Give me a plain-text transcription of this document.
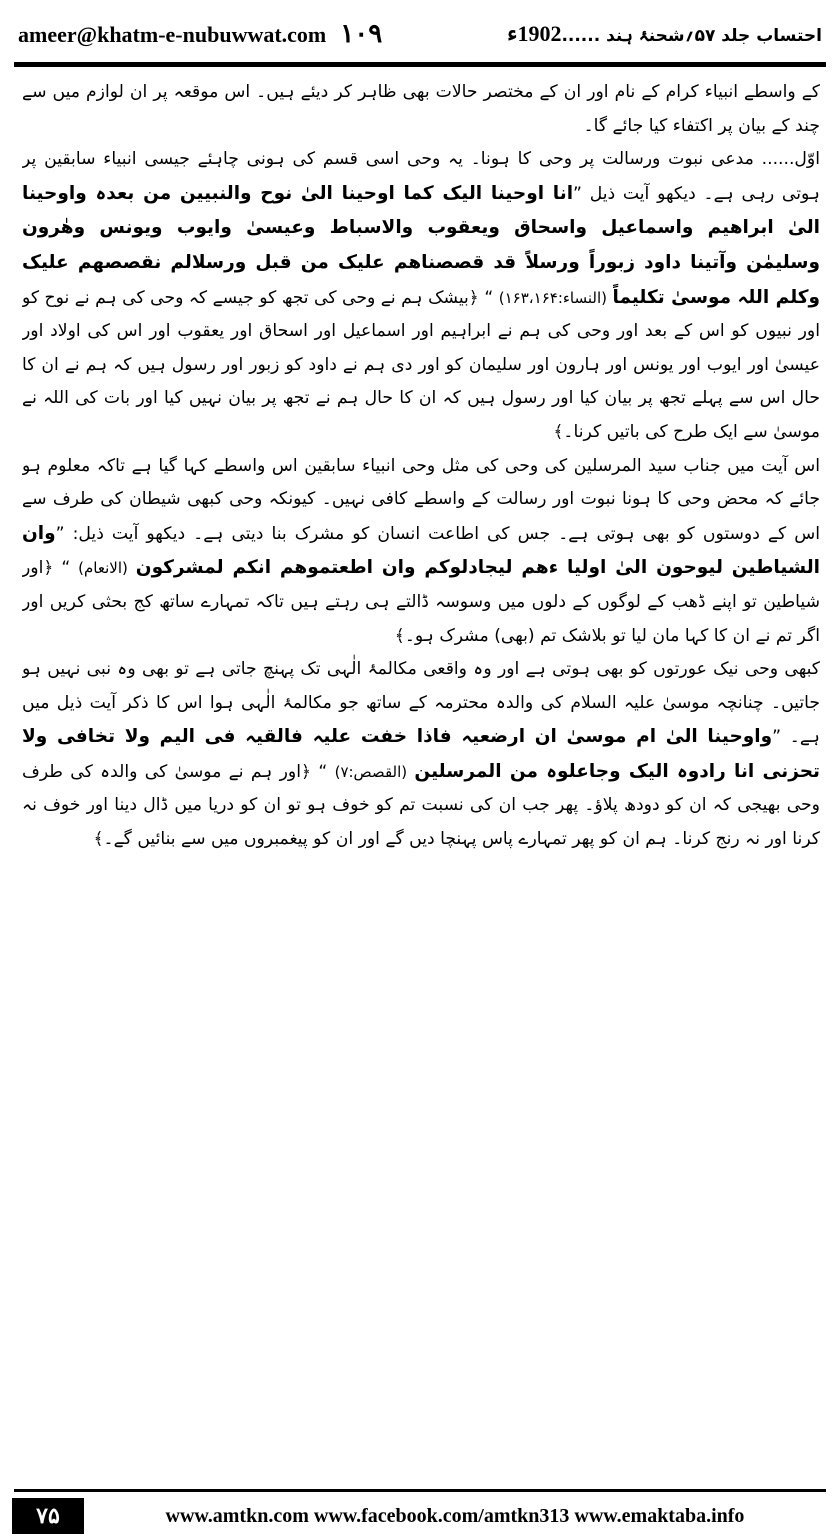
ameer@khatm-e-nubuwwat.com ۱۰۹	احتساب جلد ۵۷؍شحنۂ ہند ......1902ء

کے واسطے انبیاء کرام کے نام اور ان کے مختصر حالات بھی ظاہر کر دیئے ہیں۔ اس موقعہ پر ان لوازم میں سے چند کے بیان پر اکتفاء کیا جائے گا۔

اوّل...... مدعی نبوت ورسالت پر وحی کا ہونا۔ یہ وحی اسی قسم کی ہونی چاہئے جیسی انبیاء سابقین پر ہوتی رہی ہے۔ دیکھو آیت ذیل ”انا اوحینا الیک کما اوحینا الیٰ نوح والنبیین من بعدہ واوحینا الیٰ ابراھیم واسماعیل واسحاق ویعقوب والاسباط وعیسیٰ وایوب ویونس وھٰرون وسلیمٰن وآتینا داود زبوراً ورسلاً قد قصصناھم علیک من قبل ورسلالم نقصصھم علیک وکلم اللہ موسیٰ تکلیماً (النساء:۱۶۳،۱۶۴) “ ﴿بیشک ہم نے وحی کی تجھ کو جیسے کہ وحی کی ہم نے نوح کو اور نبیوں کو اس کے بعد اور وحی کی ہم نے ابراہیم اور اسماعیل اور اسحاق اور یعقوب اور اس کی اولاد اور عیسیٰ اور ایوب اور یونس اور ہارون اور سلیمان کو اور دی ہم نے داود کو زبور اور رسول ہیں کہ ہم نے ان کا حال اس سے پہلے تجھ پر بیان کیا اور رسول ہیں کہ ان کا حال ہم نے تجھ پر بیان نہیں کیا اور بات کی اللہ نے موسیٰ سے ایک طرح کی باتیں کرنا۔﴾

اس آیت میں جناب سید المرسلین کی وحی کی مثل وحی انبیاء سابقین اس واسطے کہا گیا ہے تاکہ معلوم ہو جائے کہ محض وحی کا ہونا نبوت اور رسالت کے واسطے کافی نہیں۔ کیونکہ وحی کبھی شیطان کی طرف سے اس کے دوستوں کو بھی ہوتی ہے۔ جس کی اطاعت انسان کو مشرک بنا دیتی ہے۔ دیکھو آیت ذیل: ”وان الشیاطین لیوحون الیٰ اولیا ءھم لیجادلوکم وان اطعتموھم انکم لمشرکون (الانعام) “ ﴿اور شیاطین تو اپنے ڈھب کے لوگوں کے دلوں میں وسوسہ ڈالتے ہی رہتے ہیں تاکہ تمہارے ساتھ کج بحثی کریں اور اگر تم نے ان کا کہا مان لیا تو بلاشک تم (بھی) مشرک ہو۔﴾

کبھی وحی نیک عورتوں کو بھی ہوتی ہے اور وہ واقعی مکالمۂ الٰہی تک پہنچ جاتی ہے تو بھی وہ نبی نہیں ہو جاتیں۔ چنانچہ موسیٰ علیہ السلام کی والدہ محترمہ کے ساتھ جو مکالمۂ الٰہی ہوا اس کا ذکر آیت ذیل میں ہے۔ ”واوحینا الیٰ ام موسیٰ ان ارضعیہ فاذا خفت علیہ فالقیہ فی الیم ولا تخافی ولا تحزنی انا رادوہ الیک وجاعلوہ من المرسلین (القصص:۷) “ ﴿اور ہم نے موسیٰ کی والدہ کی طرف وحی بھیجی کہ ان کو دودھ پلاؤ۔ پھر جب ان کی نسبت تم کو خوف ہو تو ان کو دریا میں ڈال دینا اور خوف نہ کرنا اور نہ رنج کرنا۔ ہم ان کو پھر تمہارے پاس پہنچا دیں گے اور ان کو پیغمبروں میں سے بنائیں گے۔﴾

۷۵	www.amtkn.com www.facebook.com/amtkn313 www.emaktaba.info
